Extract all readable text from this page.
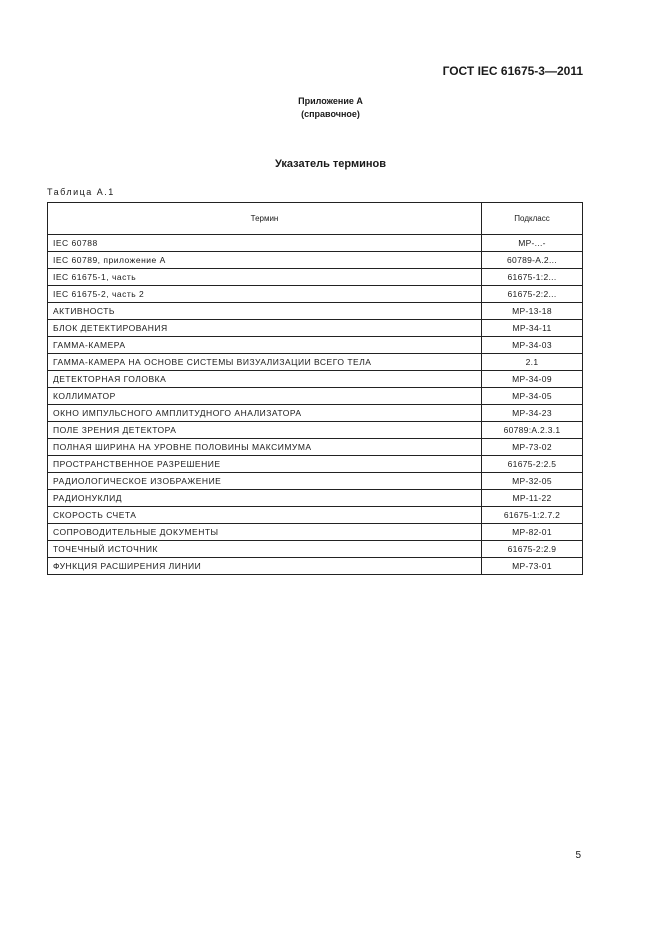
ГОСТ IEC 61675-3—2011
Приложение А
(справочное)
Указатель терминов
Таблица А.1
Термин	Подкласс
IEC 60788	МР-...-
IEC 60789, приложение А	60789-А.2...
IEC 61675-1, часть	61675-1:2...
IEC 61675-2, часть 2	61675-2:2...
АКТИВНОСТЬ	МР-13-18
БЛОК ДЕТЕКТИРОВАНИЯ	МР-34-11
ГАММА-КАМЕРА	МР-34-03
ГАММА-КАМЕРА НА ОСНОВЕ СИСТЕМЫ ВИЗУАЛИЗАЦИИ ВСЕГО ТЕЛА	2.1
ДЕТЕКТОРНАЯ ГОЛОВКА	МР-34-09
КОЛЛИМАТОР	МР-34-05
ОКНО ИМПУЛЬСНОГО АМПЛИТУДНОГО АНАЛИЗАТОРА	МР-34-23
ПОЛЕ ЗРЕНИЯ ДЕТЕКТОРА	60789:А.2.3.1
ПОЛНАЯ ШИРИНА НА УРОВНЕ ПОЛОВИНЫ МАКСИМУМА	МР-73-02
ПРОСТРАНСТВЕННОЕ РАЗРЕШЕНИЕ	61675-2:2.5
РАДИОЛОГИЧЕСКОЕ ИЗОБРАЖЕНИЕ	МР-32-05
РАДИОНУКЛИД	МР-11-22
СКОРОСТЬ СЧЕТА	61675-1:2.7.2
СОПРОВОДИТЕЛЬНЫЕ ДОКУМЕНТЫ	МР-82-01
ТОЧЕЧНЫЙ ИСТОЧНИК	61675-2:2.9
ФУНКЦИЯ РАСШИРЕНИЯ ЛИНИИ	МР-73-01
5
